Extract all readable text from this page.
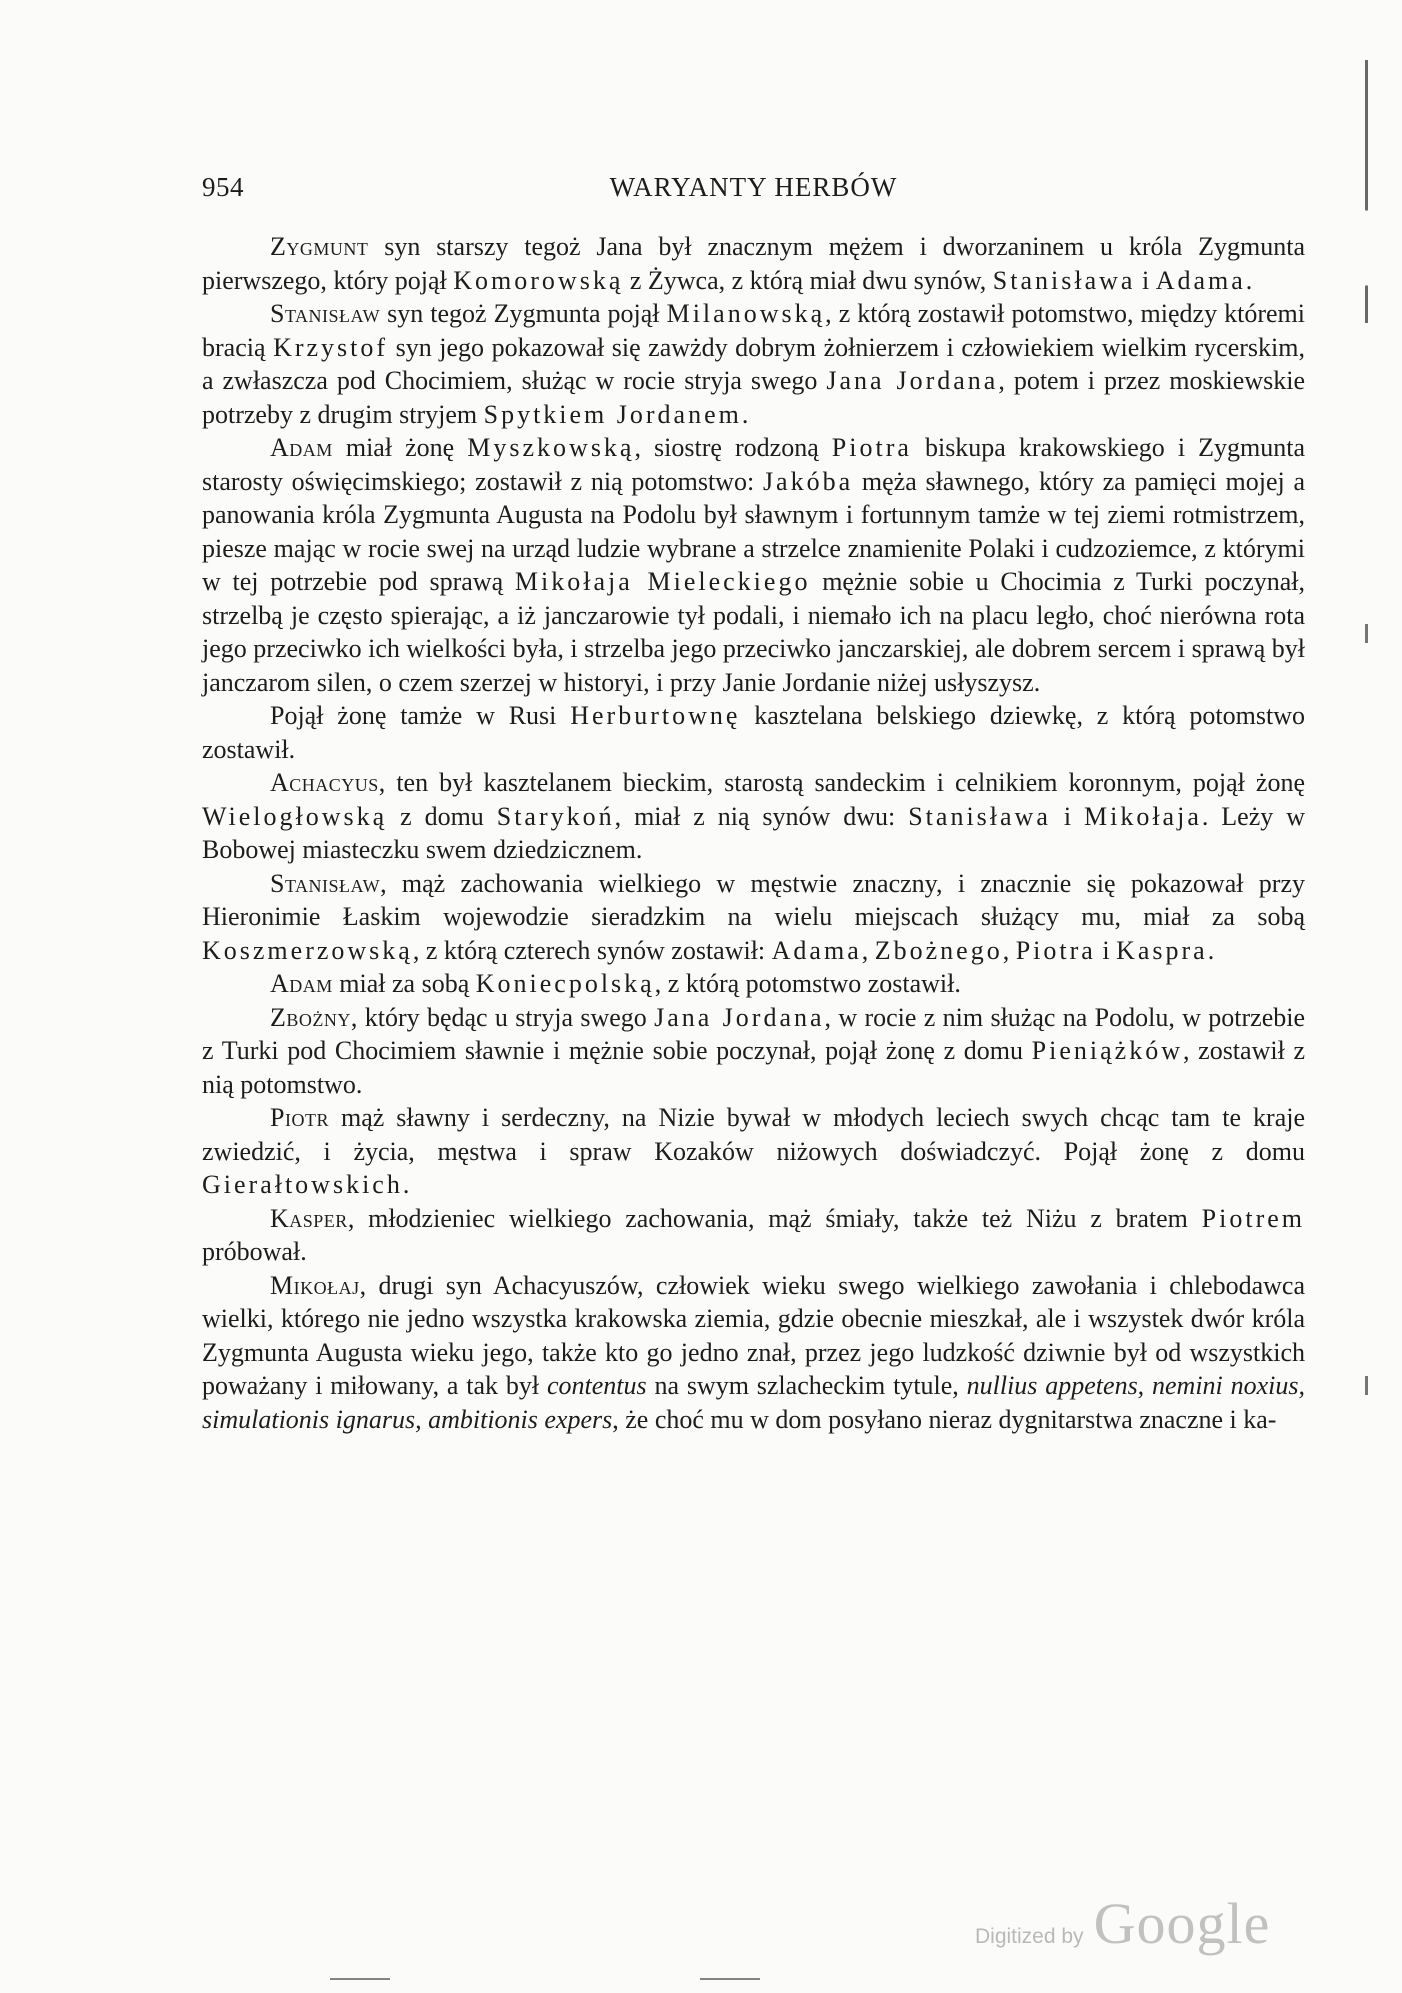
954	WARYANTY HERBÓW

Zygmunt syn starszy tegoż Jana był znacznym mężem i dworzaninem u króla Zygmunta pierwszego, który pojął Komorowską z Żywca, z którą miał dwu synów, Stanisława i Adama.

Stanisław syn tegoż Zygmunta pojął Milanowską, z którą zostawił potomstwo, między któremi bracią Krzystof syn jego pokazował się zawżdy dobrym żołnierzem i człowiekiem wielkim rycerskim, a zwłaszcza pod Chocimiem, służąc w rocie stryja swego Jana Jordana, potem i przez moskiewskie potrzeby z drugim stryjem Spytkiem Jordanem.

Adam miał żonę Myszkowską, siostrę rodzoną Piotra biskupa krakowskiego i Zygmunta starosty oświęcimskiego; zostawił z nią potomstwo: Jakóba męża sławnego, który za pamięci mojej a panowania króla Zygmunta Augusta na Podolu był sławnym i fortunnym tamże w tej ziemi rotmistrzem, piesze mając w rocie swej na urząd ludzie wybrane a strzelce znamienite Polaki i cudzoziemce, z którymi w tej potrzebie pod sprawą Mikołaja Mieleckiego mężnie sobie u Chocimia z Turki poczynał, strzelbą je często spierając, a iż janczarowie tył podali, i niemało ich na placu legło, choć nierówna rota jego przeciwko ich wielkości była, i strzelba jego przeciwko janczarskiej, ale dobrem sercem i sprawą był janczarom silen, o czem szerzej w historyi, i przy Janie Jordanie niżej usłyszysz.

Pojął żonę tamże w Rusi Herburtownę kasztelana belskiego dziewkę, z którą potomstwo zostawił.

Achacyus, ten był kasztelanem bieckim, starostą sandeckim i celnikiem koronnym, pojął żonę Wielogłowską z domu Starykoń, miał z nią synów dwu: Stanisława i Mikołaja. Leży w Bobowej miasteczku swem dziedzicznem.

Stanisław, mąż zachowania wielkiego w męstwie znaczny, i znacznie się pokazował przy Hieronimie Łaskim wojewodzie sieradzkim na wielu miejscach służący mu, miał za sobą Koszmerzowską, z którą czterech synów zostawił: Adama, Zbożnego, Piotra i Kaspra.

Adam miał za sobą Koniecpolską, z którą potomstwo zostawił.

Zbożny, który będąc u stryja swego Jana Jordana, w rocie z nim służąc na Podolu, w potrzebie z Turki pod Chocimiem sławnie i mężnie sobie poczynał, pojął żonę z domu Pieniążków, zostawił z nią potomstwo.

Piotr mąż sławny i serdeczny, na Nizie bywał w młodych leciech swych chcąc tam te kraje zwiedzić, i życia, męstwa i spraw Kozaków niżowych doświadczyć. Pojął żonę z domu Gierałtowskich.

Kasper, młodzieniec wielkiego zachowania, mąż śmiały, także też Niżu z bratem Piotrem próbował.

Mikołaj, drugi syn Achacyuszów, człowiek wieku swego wielkiego zawołania i chlebodawca wielki, którego nie jedno wszystka krakowska ziemia, gdzie obecnie mieszkał, ale i wszystek dwór króla Zygmunta Augusta wieku jego, także kto go jedno znał, przez jego ludzkość dziwnie był od wszystkich poważany i miłowany, a tak był contentus na swym szlacheckim tytule, nullius appetens, nemini noxius, simulationis ignarus, ambitionis expers, że choć mu w dom posyłano nieraz dygnitarstwa znaczne i ka-

Digitized by Google
